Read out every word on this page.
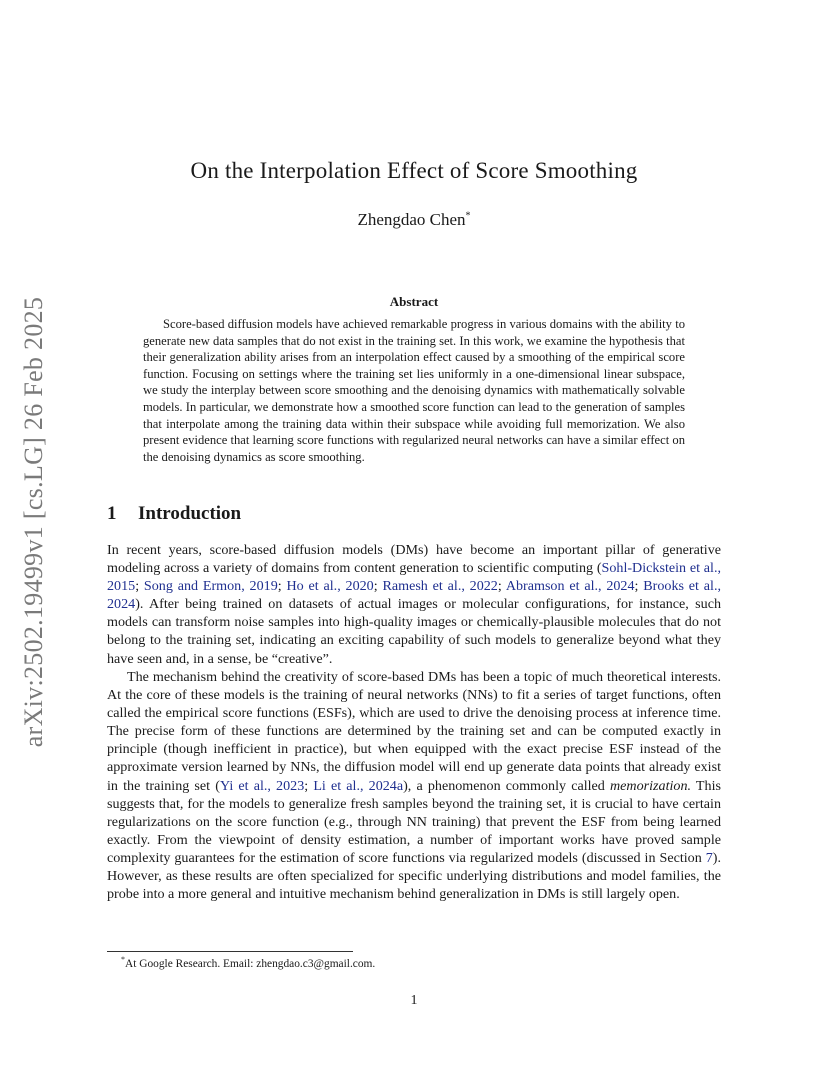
arXiv:2502.19499v1 [cs.LG] 26 Feb 2025
On the Interpolation Effect of Score Smoothing
Zhengdao Chen*
Abstract

Score-based diffusion models have achieved remarkable progress in various domains with the ability to generate new data samples that do not exist in the training set. In this work, we examine the hypothesis that their generalization ability arises from an interpolation effect caused by a smoothing of the empirical score function. Focusing on settings where the training set lies uniformly in a one-dimensional linear subspace, we study the interplay between score smoothing and the denoising dynamics with mathematically solvable models. In particular, we demonstrate how a smoothed score function can lead to the generation of samples that interpolate among the training data within their subspace while avoiding full memorization. We also present evidence that learning score functions with regularized neural networks can have a similar effect on the denoising dynamics as score smoothing.

1 Introduction

In recent years, score-based diffusion models (DMs) have become an important pillar of generative modeling across a variety of domains from content generation to scientific computing (Sohl-Dickstein et al., 2015; Song and Ermon, 2019; Ho et al., 2020; Ramesh et al., 2022; Abramson et al., 2024; Brooks et al., 2024). After being trained on datasets of actual images or molecular configurations, for instance, such models can transform noise samples into high-quality images or chemically-plausible molecules that do not belong to the training set, indicating an exciting capability of such models to generalize beyond what they have seen and, in a sense, be “creative”.

The mechanism behind the creativity of score-based DMs has been a topic of much theoretical interests. At the core of these models is the training of neural networks (NNs) to fit a series of target functions, often called the empirical score functions (ESFs), which are used to drive the denoising process at inference time. The precise form of these functions are determined by the training set and can be computed exactly in principle (though inefficient in practice), but when equipped with the exact precise ESF instead of the approximate version learned by NNs, the diffusion model will end up generate data points that already exist in the training set (Yi et al., 2023; Li et al., 2024a), a phenomenon commonly called memorization. This suggests that, for the models to generalize fresh samples beyond the training set, it is crucial to have certain regularizations on the score function (e.g., through NN training) that prevent the ESF from being learned exactly. From the viewpoint of density estimation, a number of important works have proved sample complexity guarantees for the estimation of score functions via regularized models (discussed in Section 7). However, as these results are often specialized for specific underlying distributions and model families, the probe into a more general and intuitive mechanism behind generalization in DMs is still largely open.

*At Google Research. Email: zhengdao.c3@gmail.com.
1
